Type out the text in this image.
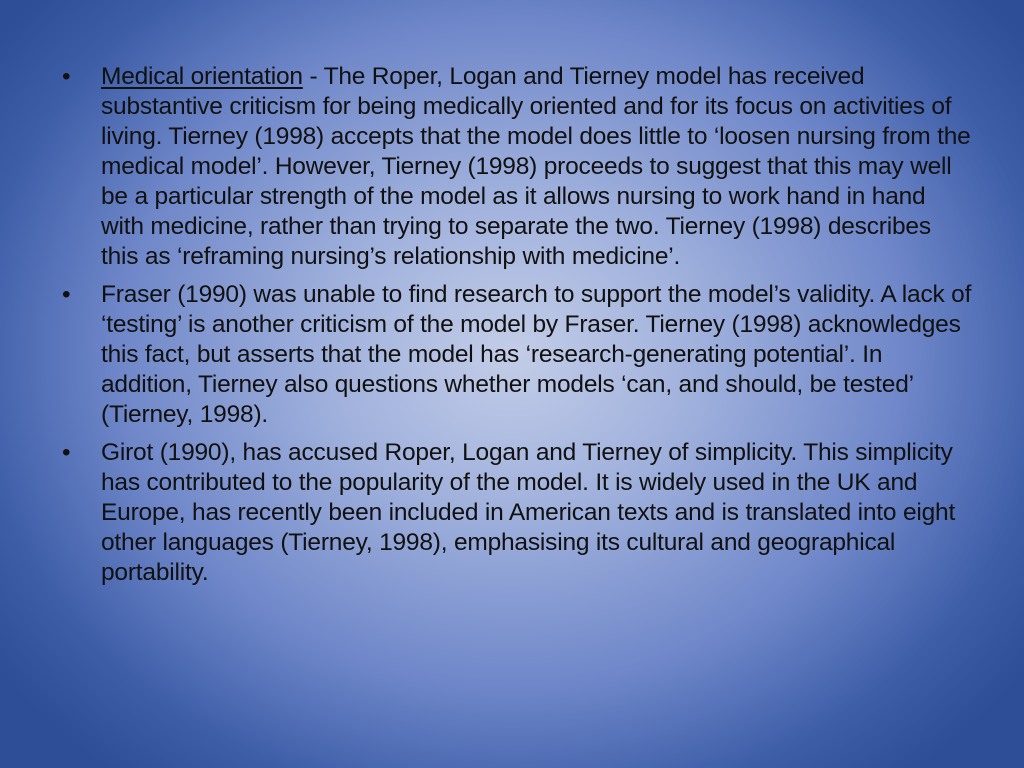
•	Medical orientation - The Roper, Logan and Tierney model has received substantive criticism for being medically oriented and for its focus on activities of living. Tierney (1998) accepts that the model does little to ‘loosen nursing from the medical model’. However, Tierney (1998) proceeds to suggest that this may well be a particular strength of the model as it allows nursing to work hand in hand with medicine, rather than trying to separate the two. Tierney (1998) describes this as ‘reframing nursing’s relationship with medicine’.
•	Fraser (1990) was unable to find research to support the model’s validity. A lack of ‘testing’ is another criticism of the model by Fraser. Tierney (1998) acknowledges this fact, but asserts that the model has ‘research-generating potential’. In addition, Tierney also questions whether models ‘can, and should, be tested’ (Tierney, 1998).
•	Girot (1990), has accused Roper, Logan and Tierney of simplicity. This simplicity has contributed to the popularity of the model. It is widely used in the UK and Europe, has recently been included in American texts and is translated into eight other languages (Tierney, 1998), emphasising its cultural and geographical portability.
